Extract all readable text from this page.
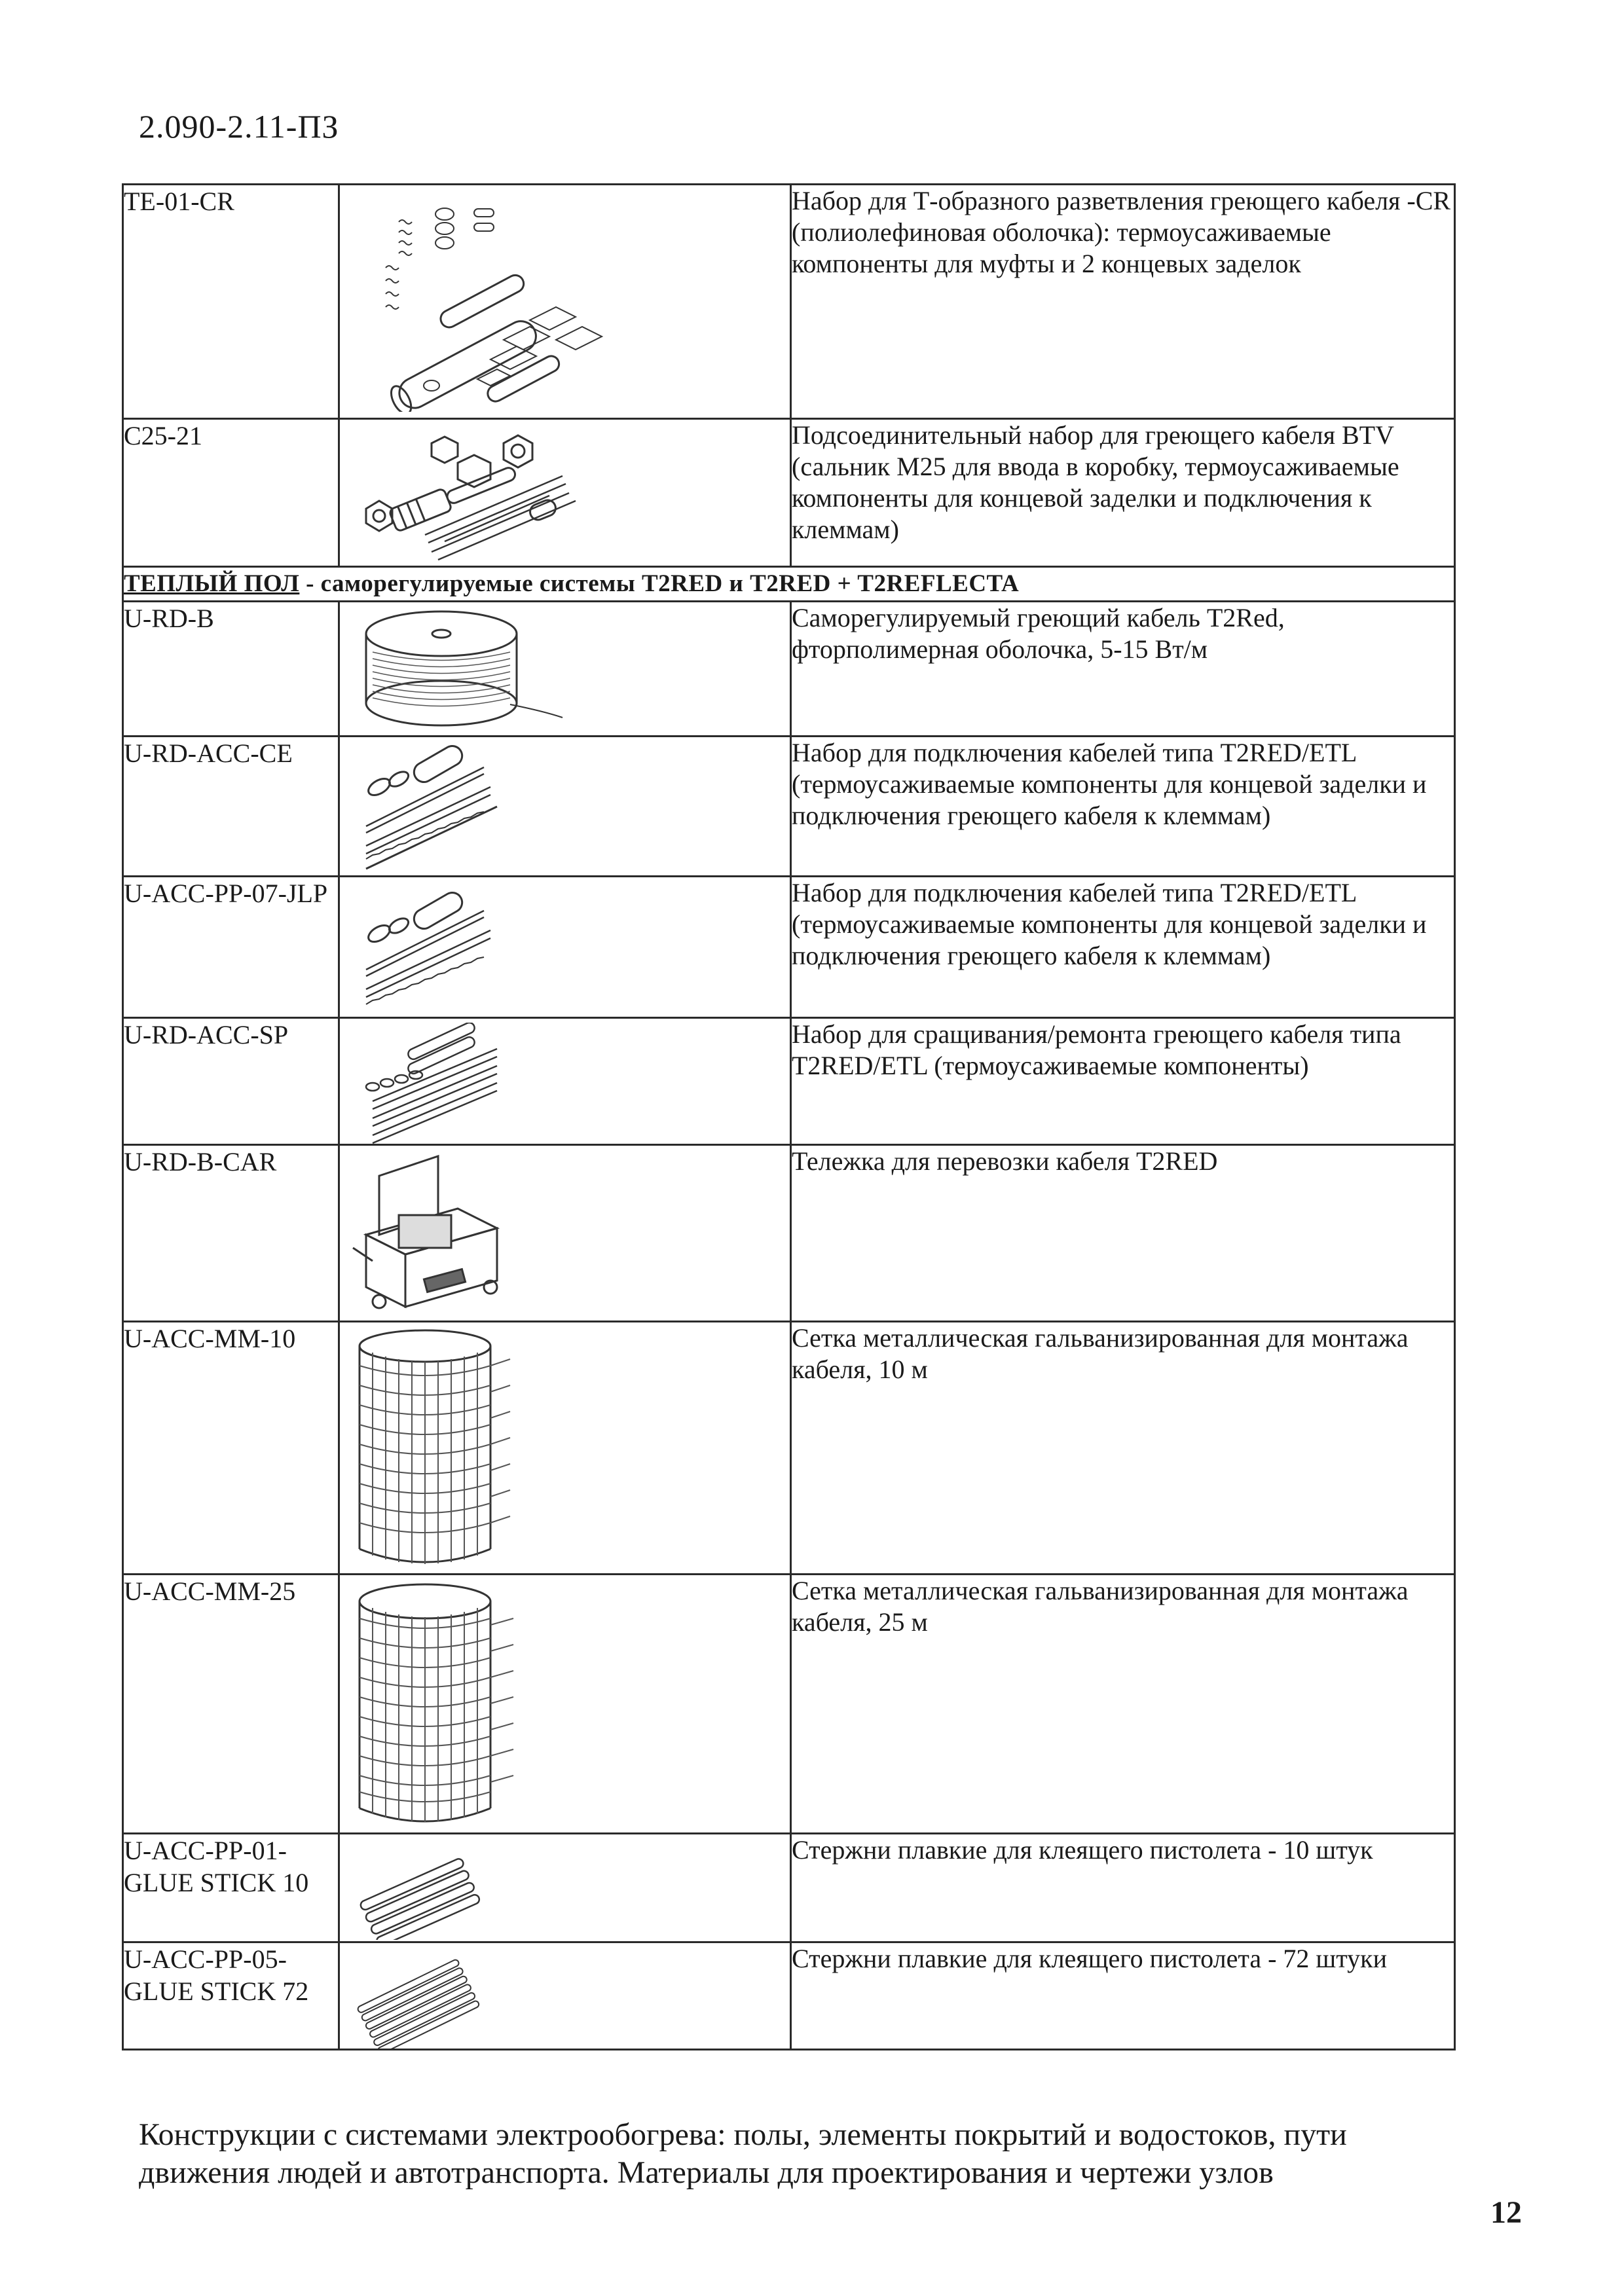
2.090-2.11-ПЗ
TE-01-CR		Набор для Т-образного разветвления греющего кабеля -CR (полиолефиновая оболочка): термоусаживаемые компоненты для муфты и 2 концевых заделок
C25-21		Подсоединительный набор для греющего кабеля BTV (сальник M25 для ввода в коробку, термоусаживаемые компоненты для концевой заделки и подключения к клеммам)
ТЕПЛЫЙ ПОЛ - саморегулируемые системы T2RED и T2RED + T2REFLECTA		
U-RD-B		Саморегулируемый греющий кабель T2Red, фторполимерная оболочка, 5-15 Вт/м
U-RD-ACC-CE		Набор для подключения кабелей типа T2RED/ETL (термоусаживаемые компоненты для концевой заделки и подключения греющего кабеля к клеммам)
U-ACC-PP-07-JLP		Набор для подключения кабелей типа T2RED/ETL (термоусаживаемые компоненты для концевой заделки и подключения греющего кабеля к клеммам)
U-RD-ACC-SP		Набор для сращивания/ремонта греющего кабеля типа T2RED/ETL (термоусаживаемые компоненты)
U-RD-B-CAR		Тележка для перевозки кабеля T2RED
U-ACC-MM-10		Сетка металлическая гальванизированная для монтажа кабеля, 10 м
U-ACC-MM-25		Сетка металлическая гальванизированная для монтажа кабеля, 25 м
U-ACC-PP-01-GLUE STICK 10		Стержни плавкие для клеящего пистолета - 10 штук
U-ACC-PP-05-GLUE STICK 72		Стержни плавкие для клеящего пистолета - 72 штуки
Конструкции с системами электрообогрева: полы, элементы покрытий и водостоков, пути движения людей и автотранспорта. Материалы для проектирования и чертежи узлов
12
